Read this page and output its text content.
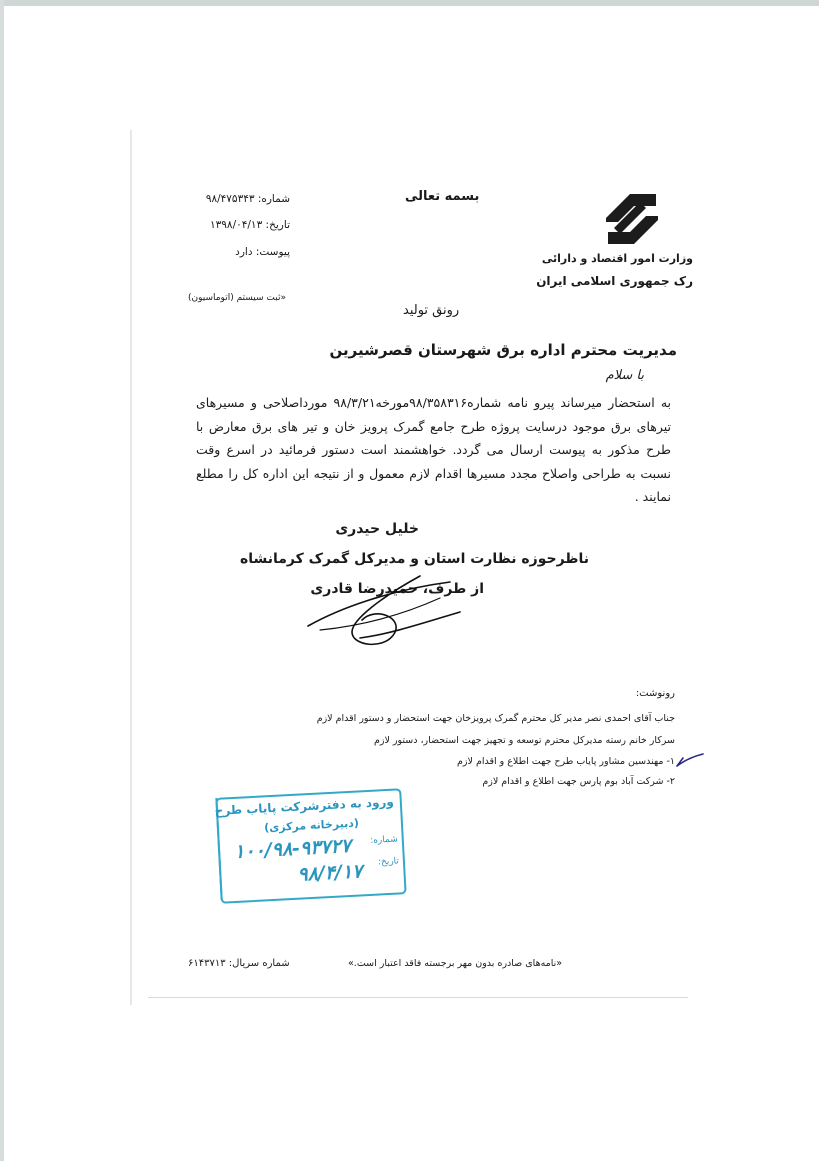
وزارت امور اقتصاد و دارائی
رک جمهوری اسلامی ایران
بسمه تعالی
شماره: ۹۸/۴۷۵۳۴۳
تاریخ: ۱۳۹۸/۰۴/۱۳
پیوست: دارد
«ثبت سیستم (اتوماسیون)
رونق تولید
مدیریت محترم اداره برق شهرستان قصرشیرین
با سلام
به استحضار میرساند پیرو نامه شماره۹۸/۳۵۸۳۱۶مورخه۹۸/۳/۲۱ مورداصلاحی و مسیرهای تیرهای برق موجود درسایت پروژه طرح جامع گمرک پرویز خان و تیر های برق معارض با طرح مذکور به پیوست ارسال می گردد. خواهشمند است دستور فرمائید در اسرع وقت نسبت به طراحی واصلاح مجدد مسیرها اقدام لازم معمول و از نتیجه این اداره کل را مطلع نمایند .
خلیل حیدری
ناظرحوزه نظارت استان و مدیرکل گمرک کرمانشاه
از طرف، حمیدرضا قادری
رونوشت:
جناب آقای احمدی نصر مدیر کل محترم گمرک پرویزخان جهت استحضار و دستور اقدام لازم
سرکار خانم رسته مدیرکل محترم توسعه و تجهیز جهت استحضار، دستور لازم
۱- مهندسین مشاور پایاب طرح جهت اطلاع و اقدام لازم
۲- شرکت آباد بوم پارس جهت اطلاع و اقدام لازم
ورود به دفترشرکت پایاب طرح
(دبیرخانه مرکزی)
شماره:
تاریخ:
۱۰۰/۹۸-۹۳۷۲۷
۹۸/۴/۱۷
«نامه‌های صادره بدون مهر برجسته فاقد اعتبار است.»
شماره سریال: ۶۱۴۳۷۱۳
